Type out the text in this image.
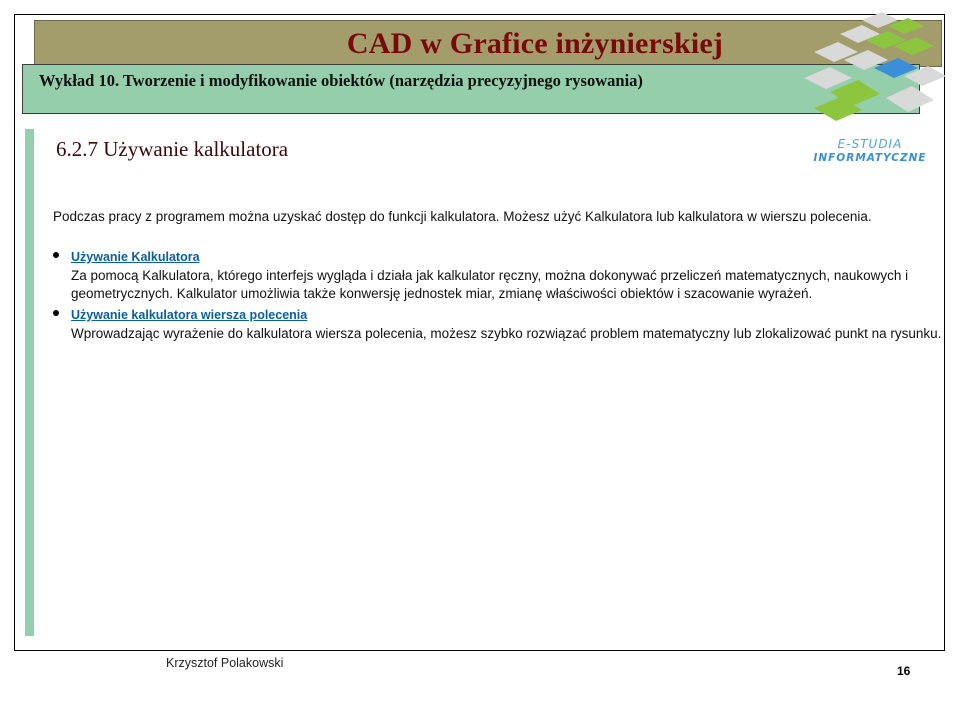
CAD w Grafice inżynierskiej

Wykład 10. Tworzenie i modyfikowanie obiektów (narzędzia precyzyjnego rysowania)

E-STUDIA
INFORMATYCZNE
6.2.7 Używanie kalkulatora

Podczas pracy z programem można uzyskać dostęp do funkcji kalkulatora. Możesz użyć Kalkulatora lub kalkulatora w wierszu polecenia.

Używanie Kalkulatora

Za pomocą Kalkulatora, którego interfejs wygląda i działa jak kalkulator ręczny, można dokonywać przeliczeń matematycznych, naukowych i geometrycznych. Kalkulator umożliwia także konwersję jednostek miar, zmianę właściwości obiektów i szacowanie wyrażeń.

Używanie kalkulatora wiersza polecenia

Wprowadzając wyrażenie do kalkulatora wiersza polecenia, możesz szybko rozwiązać problem matematyczny lub zlokalizować punkt na rysunku.

Krzysztof Polakowski

16
